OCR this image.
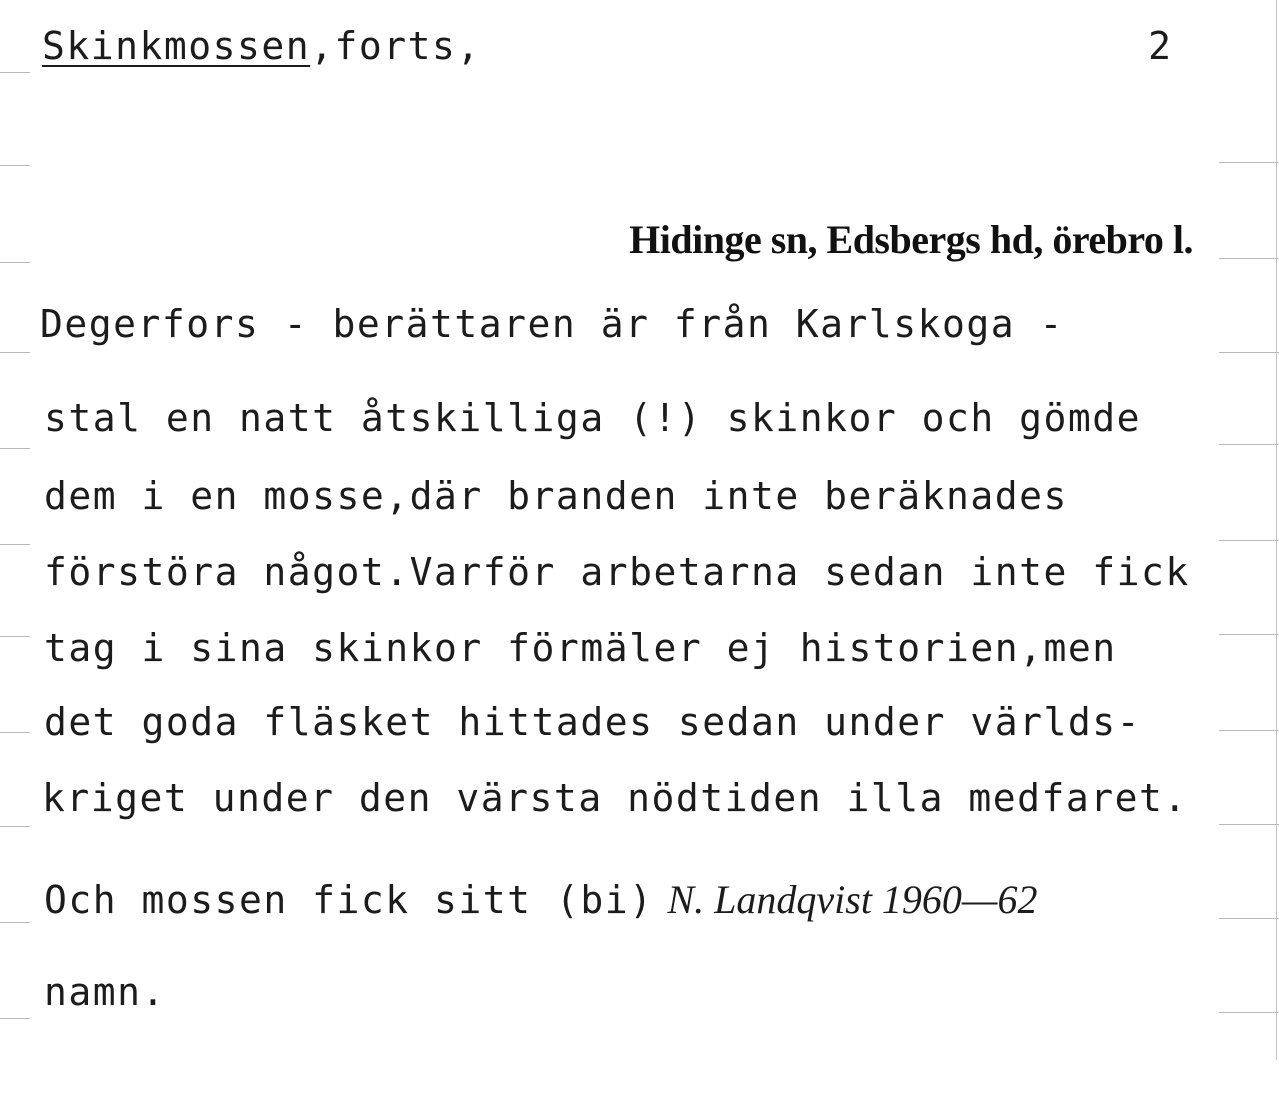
Skinkmossen,forts,	2
Hidinge sn, Edsbergs hd, örebro l.
Degerfors - berättaren är från Karlskoga -
stal en natt åtskilliga (!) skinkor och gömde
dem i en mosse,där branden inte beräknades
förstöra något.Varför arbetarna sedan inte fick
tag i sina skinkor förmäler ej historien,men
det goda fläsket hittades sedan under världs-
kriget under den värsta nödtiden illa medfaret.
Och mossen fick sitt (bi) N. Landqvist 1960—62
namn.
